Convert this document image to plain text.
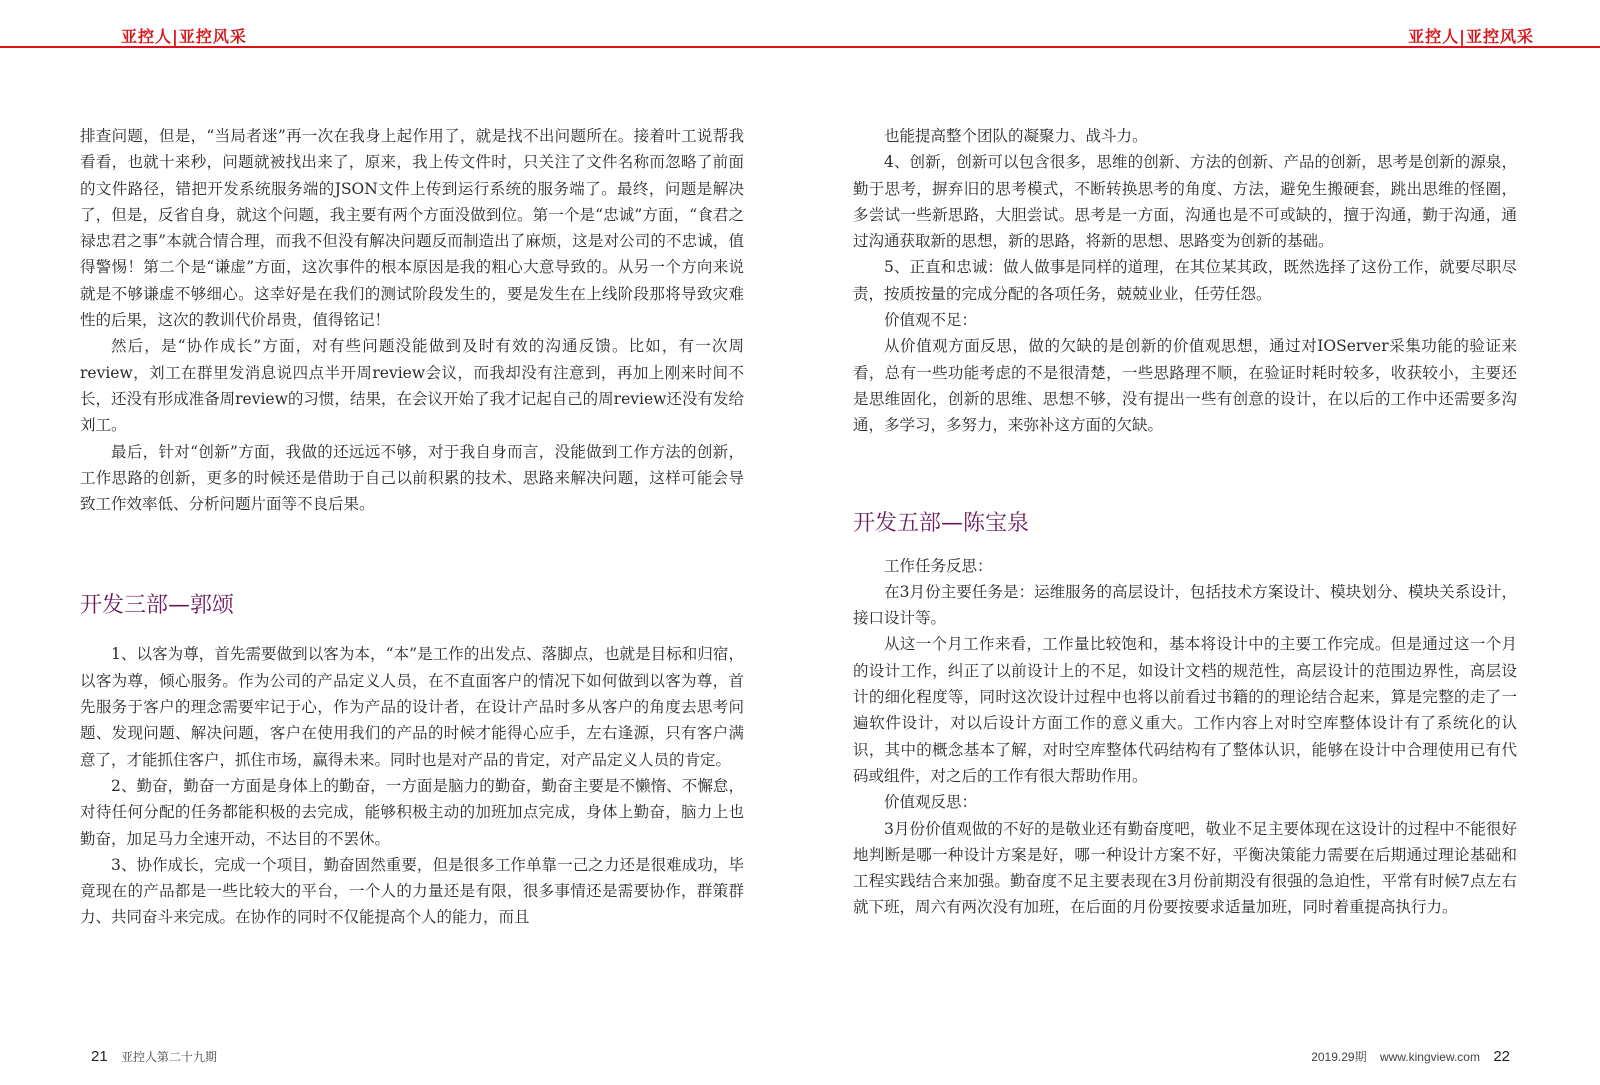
亚控人|亚控风采	亚控人|亚控风采

排查问题，但是，“当局者迷”再一次在我身上起作用了，就是找不出问题所在。接着叶工说帮我看看，也就十来秒，问题就被找出来了，原来，我上传文件时，只关注了文件名称而忽略了前面的文件路径，错把开发系统服务端的JSON文件上传到运行系统的服务端了。最终，问题是解决了，但是，反省自身，就这个问题，我主要有两个方面没做到位。第一个是“忠诚”方面，“食君之禄忠君之事”本就合情合理，而我不但没有解决问题反而制造出了麻烦，这是对公司的不忠诚，值得警惕！第二个是“谦虚”方面，这次事件的根本原因是我的粗心大意导致的。从另一个方向来说就是不够谦虚不够细心。这幸好是在我们的测试阶段发生的，要是发生在上线阶段那将导致灾难性的后果，这次的教训代价昂贵，值得铭记！

然后，是“协作成长”方面，对有些问题没能做到及时有效的沟通反馈。比如，有一次周review，刘工在群里发消息说四点半开周review会议，而我却没有注意到，再加上刚来时间不长，还没有形成准备周review的习惯，结果，在会议开始了我才记起自己的周review还没有发给刘工。

最后，针对“创新”方面，我做的还远远不够，对于我自身而言，没能做到工作方法的创新，工作思路的创新，更多的时候还是借助于自己以前积累的技术、思路来解决问题，这样可能会导致工作效率低、分析问题片面等不良后果。

开发三部—郭颂

1、以客为尊，首先需要做到以客为本，“本”是工作的出发点、落脚点，也就是目标和归宿，以客为尊，倾心服务。作为公司的产品定义人员，在不直面客户的情况下如何做到以客为尊，首先服务于客户的理念需要牢记于心，作为产品的设计者，在设计产品时多从客户的角度去思考问题、发现问题、解决问题，客户在使用我们的产品的时候才能得心应手，左右逢源，只有客户满意了，才能抓住客户，抓住市场，赢得未来。同时也是对产品的肯定，对产品定义人员的肯定。

2、勤奋，勤奋一方面是身体上的勤奋，一方面是脑力的勤奋，勤奋主要是不懒惰、不懈怠，对待任何分配的任务都能积极的去完成，能够积极主动的加班加点完成，身体上勤奋，脑力上也勤奋，加足马力全速开动，不达目的不罢休。

3、协作成长，完成一个项目，勤奋固然重要，但是很多工作单靠一己之力还是很难成功，毕竟现在的产品都是一些比较大的平台，一个人的力量还是有限，很多事情还是需要协作，群策群力、共同奋斗来完成。在协作的同时不仅能提高个人的能力，而且

也能提高整个团队的凝聚力、战斗力。

4、创新，创新可以包含很多，思维的创新、方法的创新、产品的创新，思考是创新的源泉，勤于思考，摒弃旧的思考模式，不断转换思考的角度、方法，避免生搬硬套，跳出思维的怪圈，多尝试一些新思路，大胆尝试。思考是一方面，沟通也是不可或缺的，擅于沟通，勤于沟通，通过沟通获取新的思想，新的思路，将新的思想、思路变为创新的基础。

5、正直和忠诚：做人做事是同样的道理，在其位某其政，既然选择了这份工作，就要尽职尽责，按质按量的完成分配的各项任务，兢兢业业，任劳任怨。

价值观不足：

从价值观方面反思，做的欠缺的是创新的价值观思想，通过对IOServer采集功能的验证来看，总有一些功能考虑的不是很清楚，一些思路理不顺，在验证时耗时较多，收获较小，主要还是思维固化，创新的思维、思想不够，没有提出一些有创意的设计，在以后的工作中还需要多沟通，多学习，多努力，来弥补这方面的欠缺。

开发五部—陈宝泉

工作任务反思：

在3月份主要任务是：运维服务的高层设计，包括技术方案设计、模块划分、模块关系设计，接口设计等。

从这一个月工作来看，工作量比较饱和，基本将设计中的主要工作完成。但是通过这一个月的设计工作，纠正了以前设计上的不足，如设计文档的规范性，高层设计的范围边界性，高层设计的细化程度等，同时这次设计过程中也将以前看过书籍的的理论结合起来，算是完整的走了一遍软件设计，对以后设计方面工作的意义重大。工作内容上对时空库整体设计有了系统化的认识，其中的概念基本了解，对时空库整体代码结构有了整体认识，能够在设计中合理使用已有代码或组件，对之后的工作有很大帮助作用。

价值观反思：

3月份价值观做的不好的是敬业还有勤奋度吧，敬业不足主要体现在这设计的过程中不能很好地判断是哪一种设计方案是好，哪一种设计方案不好，平衡决策能力需要在后期通过理论基础和工程实践结合来加强。勤奋度不足主要表现在3月份前期没有很强的急迫性，平常有时候7点左右就下班，周六有两次没有加班，在后面的月份要按要求适量加班，同时着重提高执行力。

21 亚控人第二十九期	2019.29期 www.kingview.com 22
